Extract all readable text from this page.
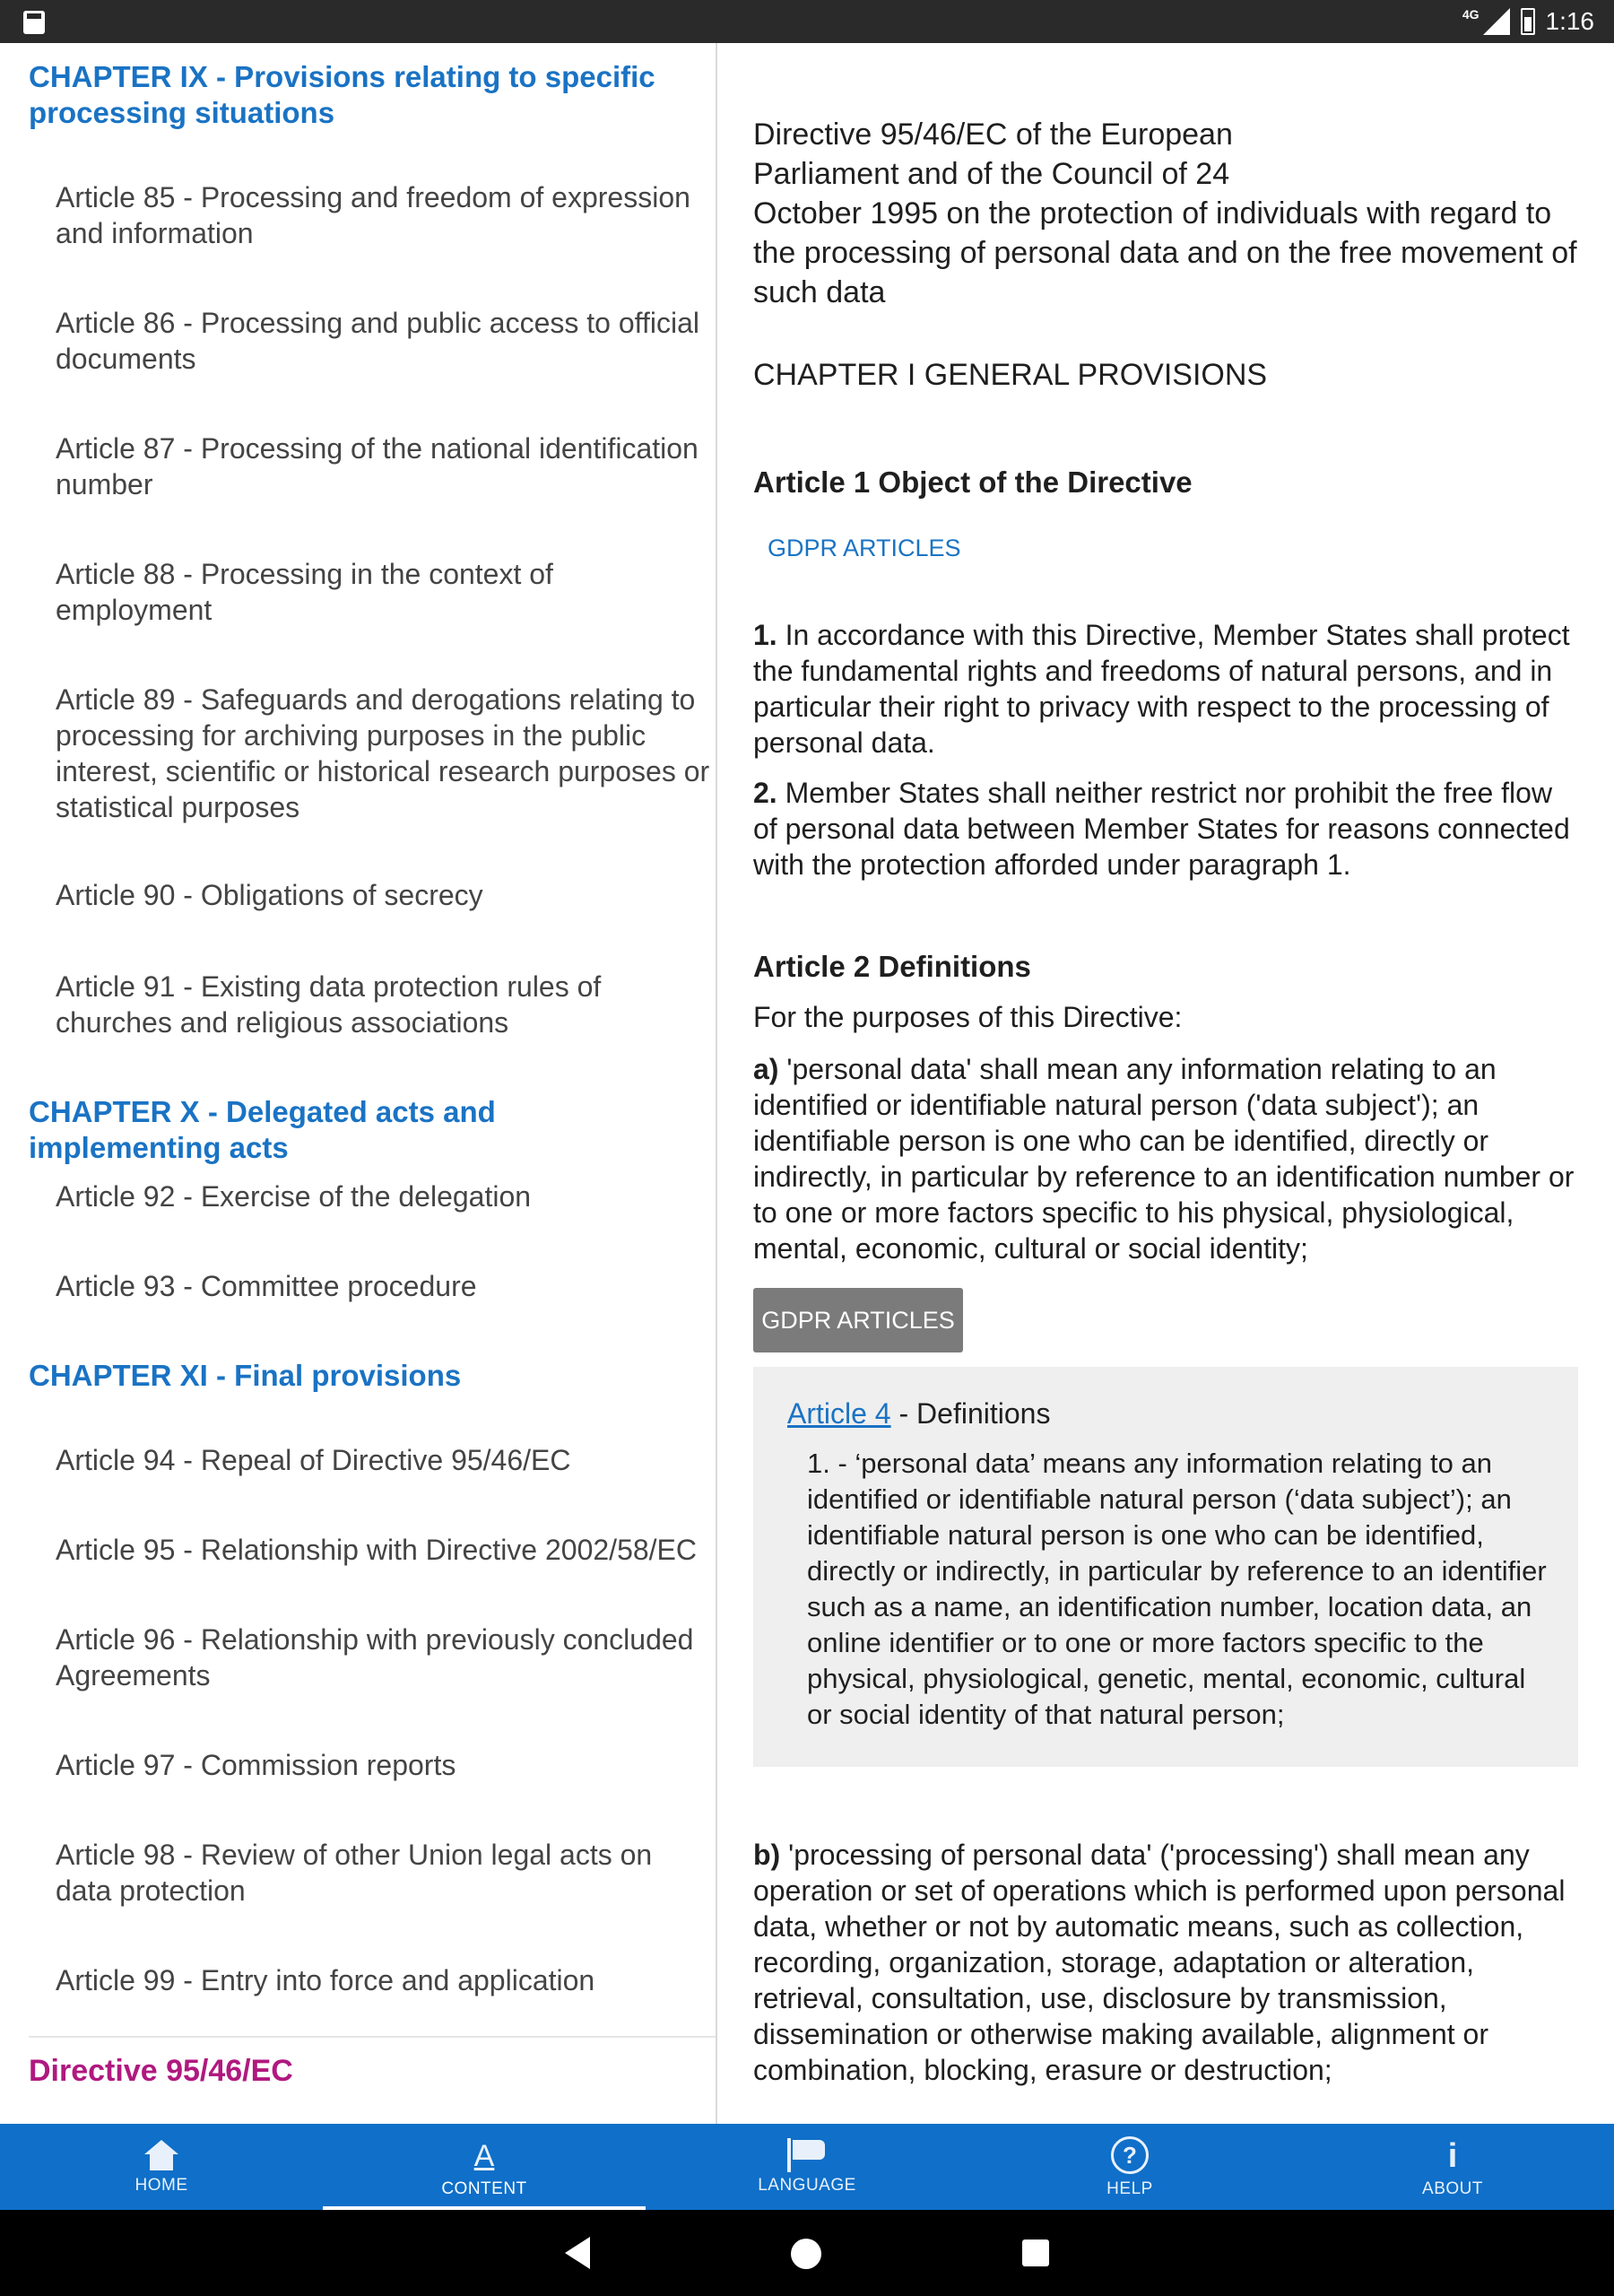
4G	1:16
CHAPTER IX - Provisions relating to specific processing situations
Article 85 - Processing and freedom of expression and information
Article 86 - Processing and public access to official documents
Article 87 - Processing of the national identification number
Article 88 - Processing in the context of employment
Article 89 - Safeguards and derogations relating to processing for archiving purposes in the public interest, scientific or historical research purposes or statistical purposes
Article 90 - Obligations of secrecy
Article 91 - Existing data protection rules of churches and religious associations
CHAPTER X - Delegated acts and implementing acts
Article 92 - Exercise of the delegation
Article 93 - Committee procedure
CHAPTER XI - Final provisions
Article 94 - Repeal of Directive 95/46/EC
Article 95 - Relationship with Directive 2002/58/EC
Article 96 - Relationship with previously concluded Agreements
Article 97 - Commission reports
Article 98 - Review of other Union legal acts on data protection
Article 99 - Entry into force and application
Directive 95/46/EC
Directive 95/46/EC of the European
Parliament and of the Council of 24
October 1995 on the protection of individuals with regard to
the processing of personal data and on the free movement of
such data
CHAPTER I GENERAL PROVISIONS
Article 1 Object of the Directive
GDPR ARTICLES
1. In accordance with this Directive, Member States shall protect the fundamental rights and freedoms of natural persons, and in particular their right to privacy with respect to the processing of personal data.
2. Member States shall neither restrict nor prohibit the free flow of personal data between Member States for reasons connected with the protection afforded under paragraph 1.
Article 2 Definitions
For the purposes of this Directive:
a) 'personal data' shall mean any information relating to an identified or identifiable natural person ('data subject'); an identifiable person is one who can be identified, directly or indirectly, in particular by reference to an identification number or to one or more factors specific to his physical, physiological, mental, economic, cultural or social identity;
GDPR ARTICLES
Article 4 - Definitions
1. - ‘personal data’ means any information relating to an identified or identifiable natural person (‘data subject’); an identifiable natural person is one who can be identified, directly or indirectly, in particular by reference to an identifier such as a name, an identification number, location data, an online identifier or to one or more factors specific to the physical, physiological, genetic, mental, economic, cultural or social identity of that natural person;
b) 'processing of personal data' ('processing') shall mean any operation or set of operations which is performed upon personal data, whether or not by automatic means, such as collection, recording, organization, storage, adaptation or alteration, retrieval, consultation, use, disclosure by transmission, dissemination or otherwise making available, alignment or combination, blocking, erasure or destruction;
HOME
A
CONTENT	LANGUAGE
?
HELP
i
ABOUT
